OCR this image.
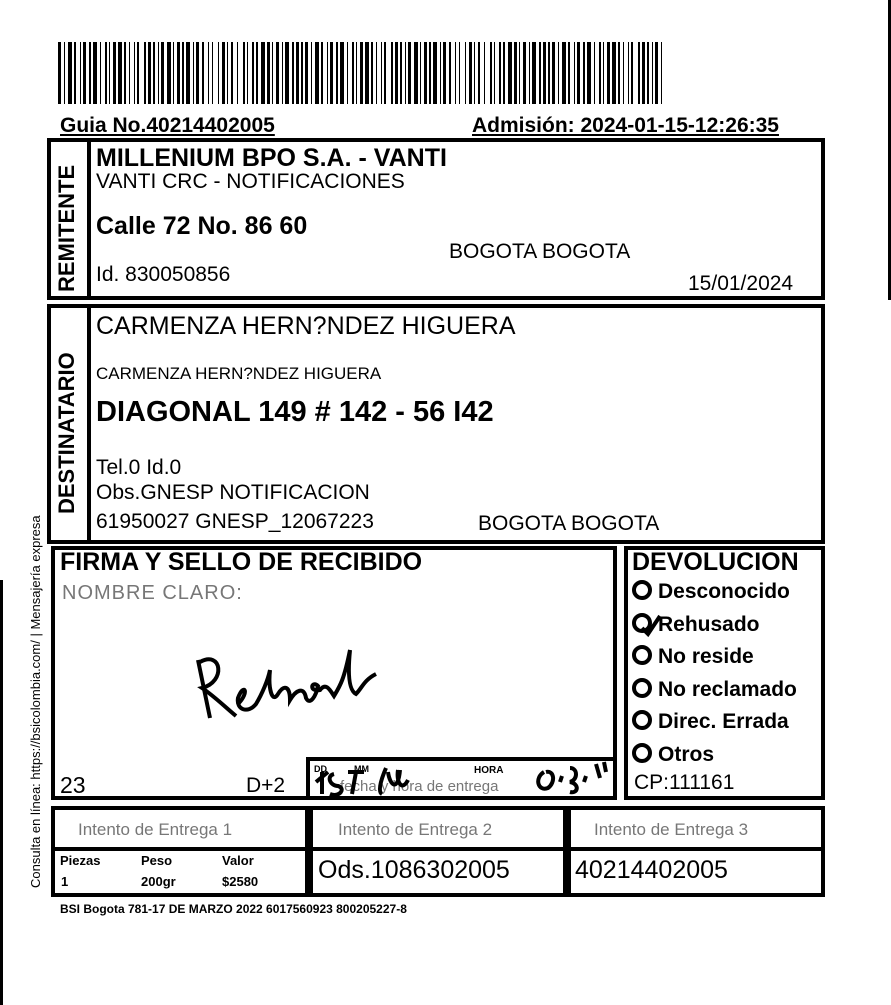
Guia No.40214402005	Admisión: 2024-01-15-12:26:35
Consulta en línea: https://bsicolombia.com/ | Mensajería expresa
REMITENTE
MILLENIUM BPO S.A. - VANTI
VANTI CRC - NOTIFICACIONES
Calle 72 No. 86 60
BOGOTA BOGOTA
Id. 830050856	15/01/2024
DESTINATARIO
CARMENZA HERN?NDEZ HIGUERA
CARMENZA HERN?NDEZ HIGUERA
DIAGONAL 149 # 142 - 56 I42
Tel.0 Id.0
Obs.GNESP NOTIFICACION
61950027 GNESP_12067223	BOGOTA BOGOTA
FIRMA Y SELLO DE RECIBIDO
NOMBRE CLARO:
23	D+2
DD	MM	HORA
fecha y hora de entrega
DEVOLUCION
Desconocido
Rehusado
No reside
No reclamado
Direc. Errada
Otros
CP:111161
Intento de Entrega 1	Intento de Entrega 2	Intento de Entrega 3
Piezas	Peso	Valor
1	200gr	$2580 Ods.1086302005	40214402005
BSI Bogota 781-17 DE MARZO 2022 6017560923 800205227-8
